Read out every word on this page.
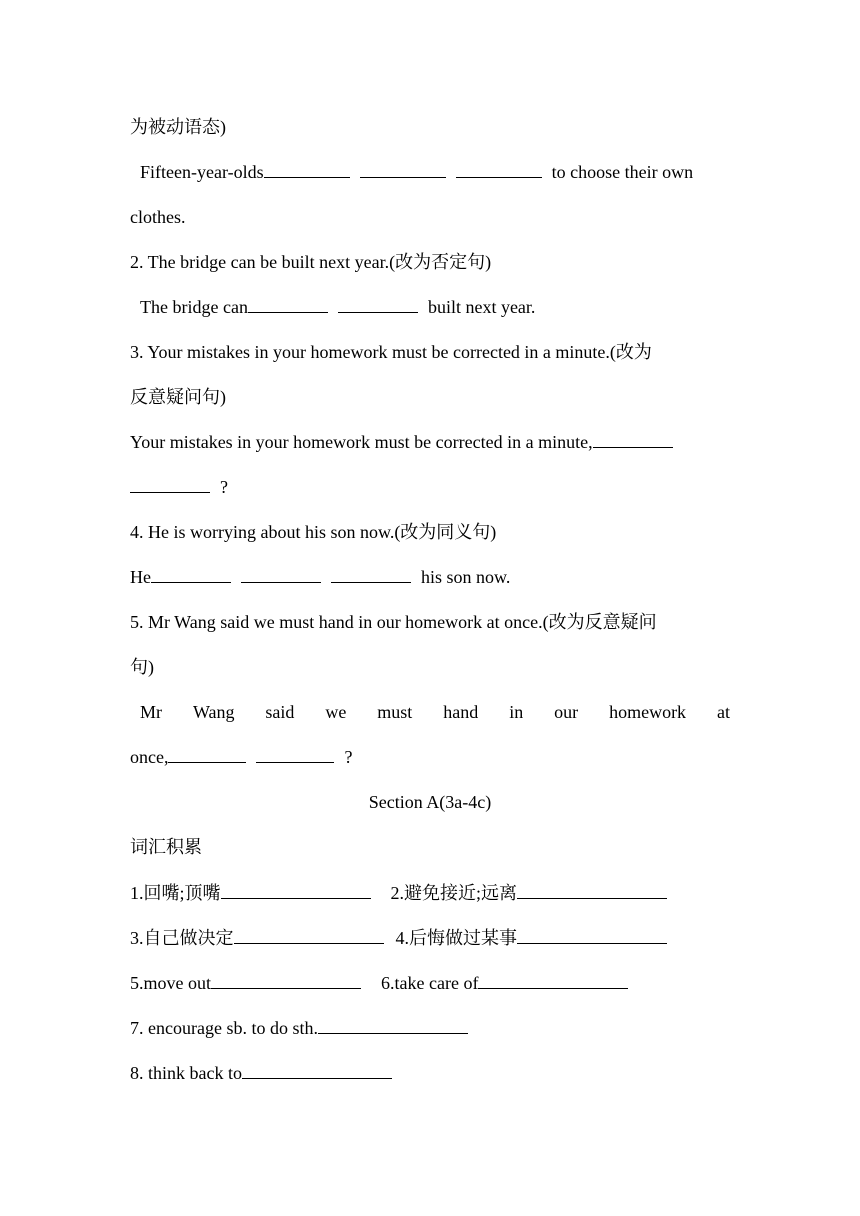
为被动语态)
Fifteen-year-olds	to choose their own
clothes.
2. The bridge can be built next year.(改为否定句)
The bridge can	built next year.
3. Your mistakes in your homework must be corrected in a minute.(改为
反意疑问句)
Your mistakes in your homework must be corrected in a minute,
?
4. He is worrying about his son now.(改为同义句)
He	his son now.
5. Mr Wang said we must hand in our homework at once.(改为反意疑问
句)
Mr Wang said we must hand in our homework at
once,	?
Section A(3a-4c)
词汇积累
1.回嘴;顶嘴	2.避免接近;远离
3.自己做决定	4.后悔做过某事
5.move out	6.take care of
7. encourage sb. to do sth.
8. think back to
